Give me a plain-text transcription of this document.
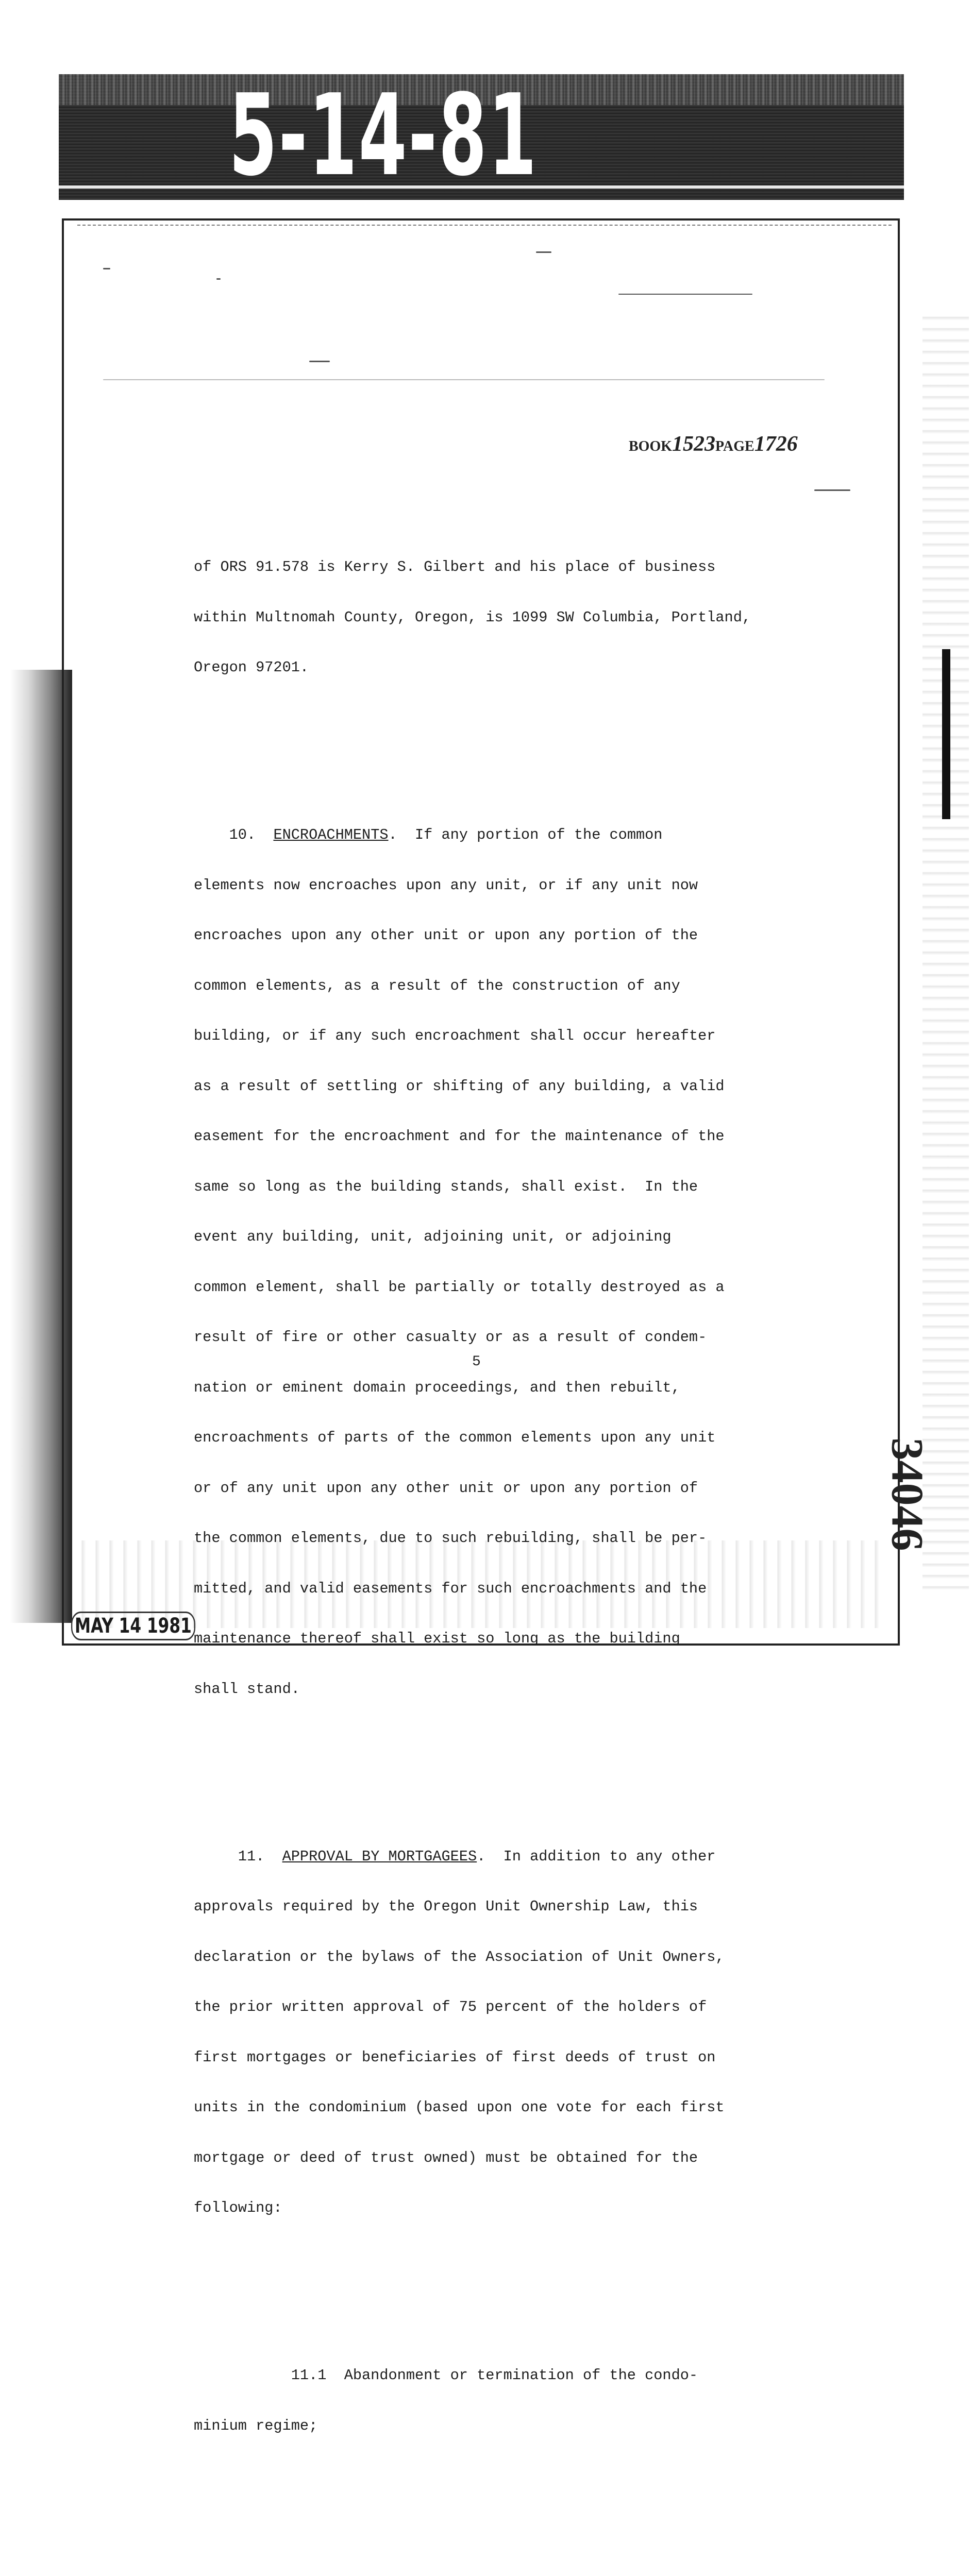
5-14-81
BOOK1523PAGE1726

of ORS 91.578 is Kerry S. Gilbert and his place of business

within Multnomah County, Oregon, is 1099 SW Columbia, Portland,

Oregon 97201.

10. ENCROACHMENTS.  If any portion of the common

elements now encroaches upon any unit, or if any unit now

encroaches upon any other unit or upon any portion of the

common elements, as a result of the construction of any

building, or if any such encroachment shall occur hereafter

as a result of settling or shifting of any building, a valid

easement for the encroachment and for the maintenance of the

same so long as the building stands, shall exist.  In the

event any building, unit, adjoining unit, or adjoining

common element, shall be partially or totally destroyed as a

result of fire or other casualty or as a result of condem-

nation or eminent domain proceedings, and then rebuilt,

encroachments of parts of the common elements upon any unit

or of any unit upon any other unit or upon any portion of

the common elements, due to such rebuilding, shall be per-

mitted, and valid easements for such encroachments and the

maintenance thereof shall exist so long as the building

shall stand.

11. APPROVAL BY MORTGAGEES.  In addition to any other

approvals required by the Oregon Unit Ownership Law, this

declaration or the bylaws of the Association of Unit Owners,

the prior written approval of 75 percent of the holders of

first mortgages or beneficiaries of first deeds of trust on

units in the condominium (based upon one vote for each first

mortgage or deed of trust owned) must be obtained for the

following:

11.1  Abandonment or termination of the condo-

minium regime;

5
34046
MAY 14 1981
